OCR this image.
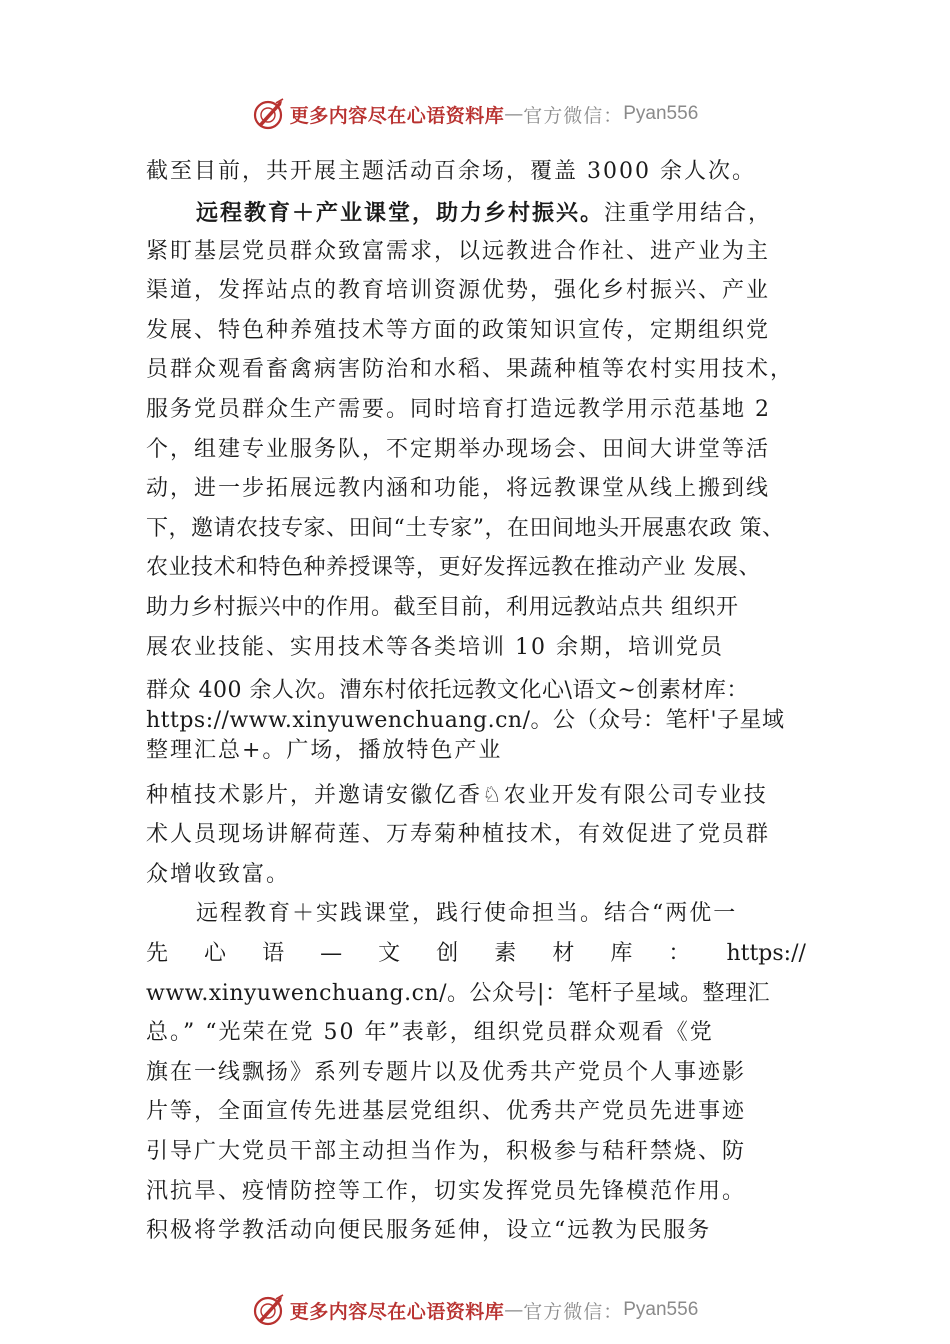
更多内容尽在心语资料库 — 官方微信： Pyan556
截至目前，共开展主题活动百余场，覆盖 3000 余人次。
远程教育＋产业课堂，助力乡村振兴。注重学用结合，
紧盯基层党员群众致富需求，以远教进合作社、进产业为主
渠道，发挥站点的教育培训资源优势，强化乡村振兴、产业
发展、特色种养殖技术等方面的政策知识宣传，定期组织党
员群众观看畜禽病害防治和水稻、果蔬种植等农村实用技术，
服务党员群众生产需要。同时培育打造远教学用示范基地 2
个，组建专业服务队，不定期举办现场会、田间大讲堂等活
动，进一步拓展远教内涵和功能，将远教课堂从线上搬到线
下，邀请农技专家、田间“土专家”，在田间地头开展惠农政 策、
农业技术和特色种养授课等，更好发挥远教在推动产业 发展、
助力乡村振兴中的作用。截至目前，利用远教站点共 组织开
展农业技能、实用技术等各类培训 10 余期，培训党员
群众 400 余人次。漕东村依托远教文化心\语文~创素材库：
https://www.xinyuwenchuang.cn/。公（众号：笔杆'子星域
整理汇总+。广场，播放特色产业
种植技术影片，并邀请安徽亿香♘农业开发有限公司专业技
术人员现场讲解荷莲、万寿菊种植技术，有效促进了党员群
众增收致富。
远程教育＋实践课堂，践行使命担当。结合“两优一
先 心 语 — 文 创 素 材 库 ： https://
www.xinyuwenchuang.cn/。公众号|：笔杆子星域。整理汇
总。” “光荣在党 50 年”表彰，组织党员群众观看《党
旗在一线飘扬》系列专题片以及优秀共产党员个人事迹影
片等，全面宣传先进基层党组织、优秀共产党员先进事迹
引导广大党员干部主动担当作为，积极参与秸秆禁烧、防
汛抗旱、疫情防控等工作，切实发挥党员先锋模范作用。
积极将学教活动向便民服务延伸，设立“远教为民服务
更多内容尽在心语资料库 — 官方微信： Pyan556
